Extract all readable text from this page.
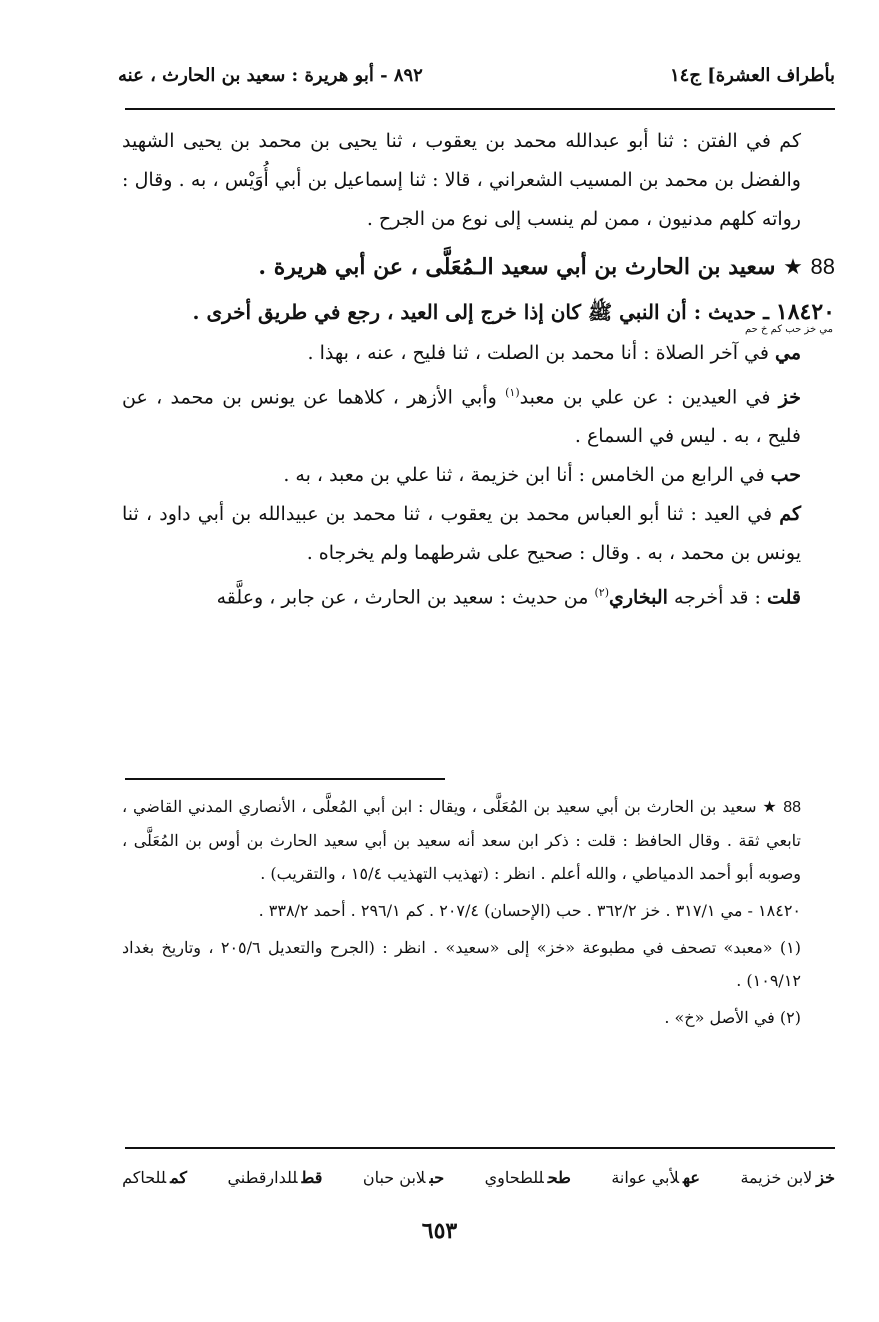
بأطراف العشرة] ج١٤
٨٩٢ - أبو هريرة : سعيد بن الحارث ، عنه

كم في الفتن : ثنا أبو عبدالله محمد بن يعقوب ، ثنا يحيى بن محمد بن يحيى الشهيد والفضل بن محمد بن المسيب الشعراني ، قالا : ثنا إسماعيل بن أبي أُوَيْس ، به . وقال : رواته كلهم مدنيون ، ممن لم ينسب إلى نوع من الجرح .

88 ★ سعيد بن الحارث بن أبي سعيد الـمُعَلَّى ، عن أبي هريرة .

١٨٤٢٠ ـ حديث : أن النبي ﷺ كان إذا خرج إلى العيد ، رجع في طريق أخرى .
مي خز حب كم خ حم

مي في آخر الصلاة : أنا محمد بن الصلت ، ثنا فليح ، عنه ، بهذا .

خز في العيدين : عن علي بن معبد$^{(١)}$ وأبي الأزهر ، كلاهما عن يونس بن محمد ، عن فليح ، به . ليس في السماع .

حب في الرابع من الخامس : أنا ابن خزيمة ، ثنا علي بن معبد ، به .

كم في العيد : ثنا أبو العباس محمد بن يعقوب ، ثنا محمد بن عبيدالله بن أبي داود ، ثنا يونس بن محمد ، به . وقال : صحيح على شرطهما ولم يخرجاه .

قلت : قد أخرجه البخاري$^{(٢)}$ من حديث : سعيد بن الحارث ، عن جابر ، وعلَّقه

88 ★ سعيد بن الحارث بن أبي سعيد بن المُعَلَّى ، ويقال : ابن أبي المُعلَّى ، الأنصاري المدني القاضي ، تابعي ثقة . وقال الحافظ : قلت : ذكر ابن سعد أنه سعيد بن أبي سعيد الحارث بن أوس بن المُعَلَّى ، وصوبه أبو أحمد الدمياطي ، والله أعلم . انظر : (تهذيب التهذيب ١٥/٤ ، والتقريب) .

١٨٤٢٠ - مي ٣١٧/١ . خز ٣٦٢/٢ . حب (الإحسان) ٢٠٧/٤ . كم ٢٩٦/١ . أحمد ٣٣٨/٢ .

(١) «معبد» تصحف في مطبوعة «خز» إلى «سعيد» . انظر : (الجرح والتعديل ٢٠٥/٦ ، وتاريخ بغداد ١٠٩/١٢) .

(٢) في الأصل «خ» .

خزلابن خزيمة
عهلأبي عوانة
طحللطحاوي
حبلابن حبان
قطللدارقطني
كمللحاكم
٦٥٣
